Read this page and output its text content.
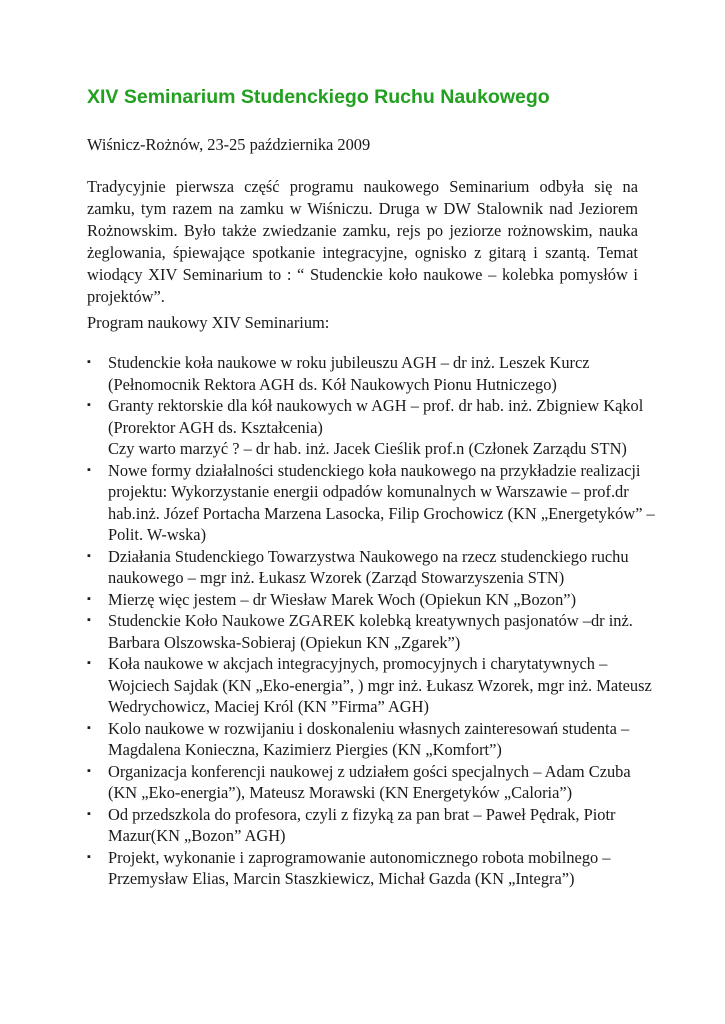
XIV Seminarium Studenckiego Ruchu Naukowego

Wiśnicz-Rożnów, 23-25 października 2009

Tradycyjnie pierwsza część programu naukowego Seminarium odbyła się na zamku, tym razem na zamku w Wiśniczu. Druga w DW Stalownik nad Jeziorem Rożnowskim. Było także zwiedzanie zamku, rejs po jeziorze rożnowskim, nauka żeglowania, śpiewające spotkanie integracyjne, ognisko z gitarą i szantą. Temat wiodący XIV Seminarium to : “ Studenckie koło naukowe – kolebka pomysłów i projektów”.

Program naukowy XIV Seminarium:

▪ Studenckie koła naukowe w roku jubileuszu AGH – dr inż. Leszek Kurcz
(Pełnomocnik Rektora AGH ds. Kół Naukowych Pionu Hutniczego)
▪ Granty rektorskie dla kół naukowych w AGH – prof. dr hab. inż. Zbigniew Kąkol
(Prorektor AGH ds. Kształcenia)
Czy warto marzyć ? – dr hab. inż. Jacek Cieślik prof.n (Członek Zarządu STN)
▪ Nowe formy działalności studenckiego koła naukowego na przykładzie realizacji
projektu: Wykorzystanie energii odpadów komunalnych w Warszawie – prof.dr
hab.inż. Józef Portacha Marzena Lasocka, Filip Grochowicz (KN „Energetyków” –
Polit. W-wska)
▪ Działania Studenckiego Towarzystwa Naukowego na rzecz studenckiego ruchu
naukowego – mgr inż. Łukasz Wzorek (Zarząd Stowarzyszenia STN)
▪ Mierzę więc jestem – dr Wiesław Marek Woch (Opiekun KN „Bozon”)
▪ Studenckie Koło Naukowe ZGAREK kolebką kreatywnych pasjonatów –dr inż.
Barbara Olszowska-Sobieraj (Opiekun KN „Zgarek”)
▪ Koła naukowe w akcjach integracyjnych, promocyjnych i charytatywnych –
Wojciech Sajdak (KN „Eko-energia”, ) mgr inż. Łukasz Wzorek, mgr inż. Mateusz
Wedrychowicz, Maciej Król (KN ”Firma” AGH)
▪ Kolo naukowe w rozwijaniu i doskonaleniu własnych zainteresowań studenta –
Magdalena Konieczna, Kazimierz Piergies (KN „Komfort”)
▪ Organizacja konferencji naukowej z udziałem gości specjalnych – Adam Czuba
(KN „Eko-energia”), Mateusz Morawski (KN Energetyków „Caloria”)
▪ Od przedszkola do profesora, czyli z fizyką za pan brat – Paweł Pędrak, Piotr
Mazur(KN „Bozon” AGH)
▪ Projekt, wykonanie i zaprogramowanie autonomicznego robota mobilnego –
Przemysław Elias, Marcin Staszkiewicz, Michał Gazda (KN „Integra”)
